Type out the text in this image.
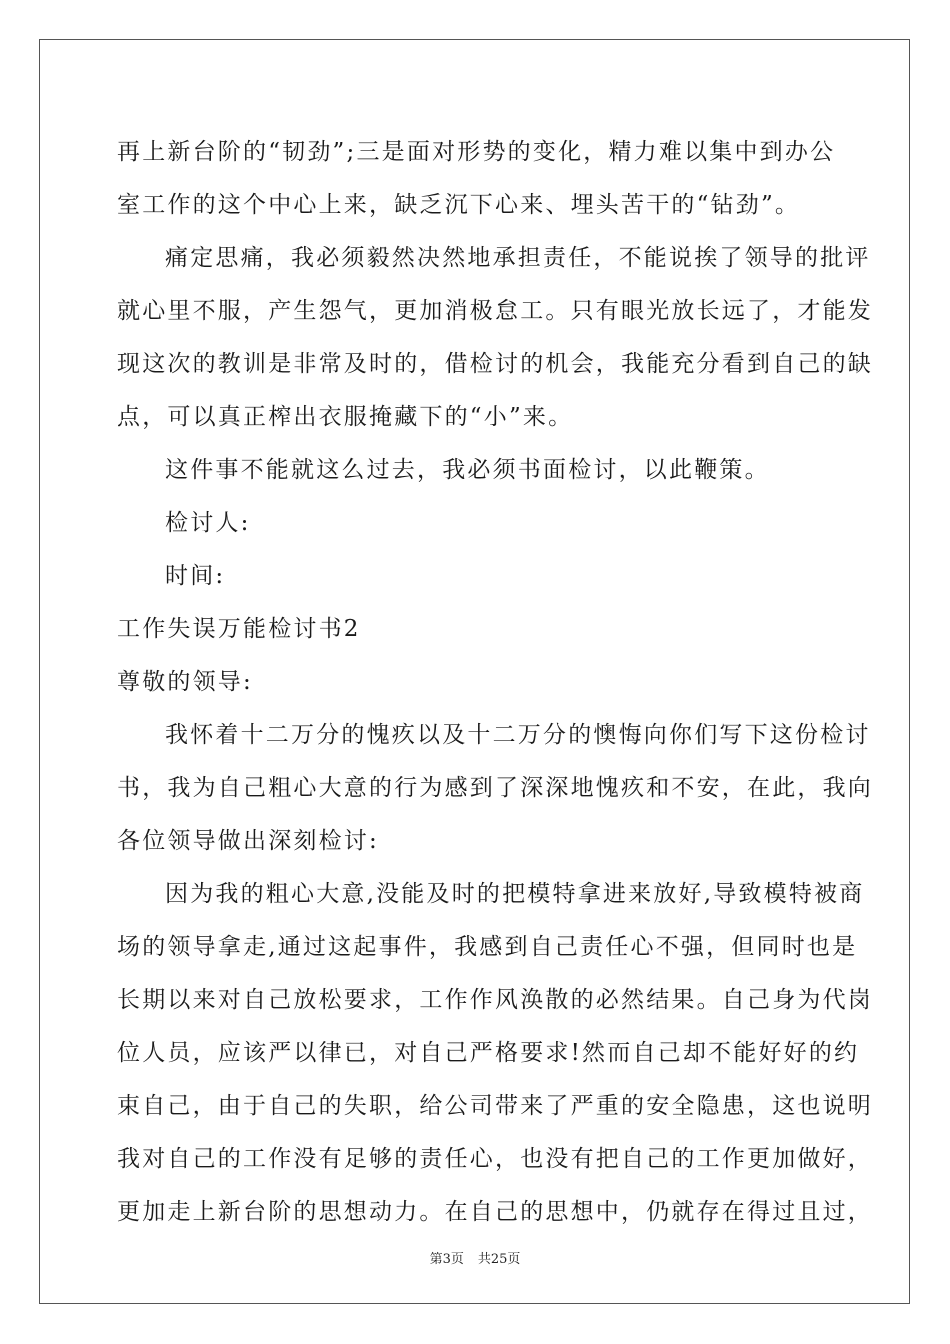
再上新台阶的“韧劲”;三是面对形势的变化，精力难以集中到办公
室工作的这个中心上来，缺乏沉下心来、埋头苦干的“钻劲”。
痛定思痛，我必须毅然决然地承担责任，不能说挨了领导的批评
就心里不服，产生怨气，更加消极怠工。只有眼光放长远了，才能发
现这次的教训是非常及时的，借检讨的机会，我能充分看到自己的缺
点，可以真正榨出衣服掩藏下的“小”来。
这件事不能就这么过去，我必须书面检讨，以此鞭策。
检讨人:
时间:
工作失误万能检讨书2
尊敬的领导:
我怀着十二万分的愧疚以及十二万分的懊悔向你们写下这份检讨
书，我为自己粗心大意的行为感到了深深地愧疚和不安，在此，我向
各位领导做出深刻检讨:
因为我的粗心大意,没能及时的把模特拿进来放好,导致模特被商
场的领导拿走,通过这起事件，我感到自己责任心不强，但同时也是
长期以来对自己放松要求，工作作风涣散的必然结果。自己身为代岗
位人员，应该严以律已，对自己严格要求!然而自己却不能好好的约
束自己，由于自己的失职，给公司带来了严重的安全隐患，这也说明
我对自己的工作没有足够的责任心，也没有把自己的工作更加做好，
更加走上新台阶的思想动力。在自己的思想中，仍就存在得过且过，
第3页 共25页
